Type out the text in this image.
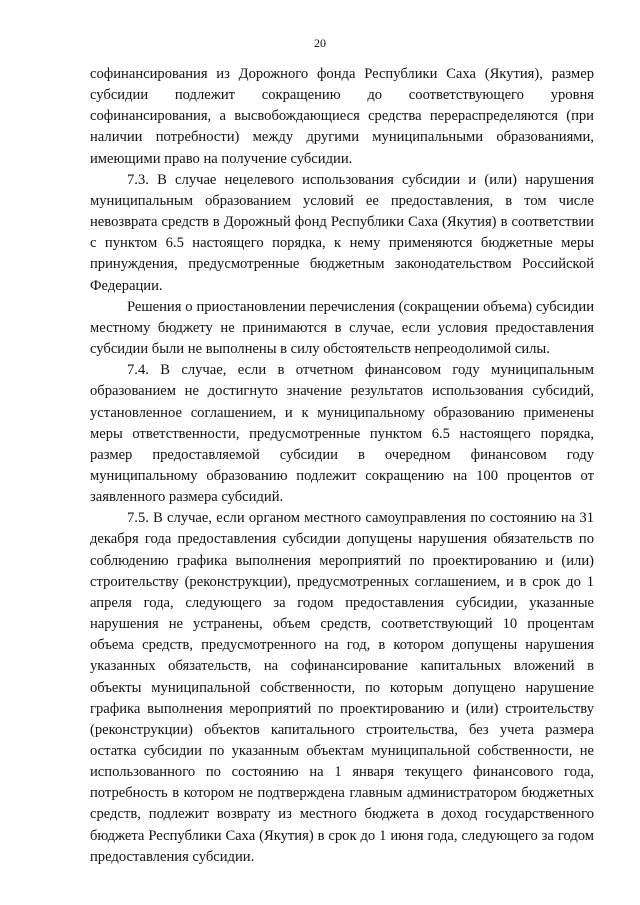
20

софинансирования из Дорожного фонда Республики Саха (Якутия), размер субсидии подлежит сокращению до соответствующего уровня софинансирования, а высвобождающиеся средства перераспределяются (при наличии потребности) между другими муниципальными образованиями, имеющими право на получение субсидии.

7.3. В случае нецелевого использования субсидии и (или) нарушения муниципальным образованием условий ее предоставления, в том числе невозврата средств в Дорожный фонд Республики Саха (Якутия) в соответствии с пунктом 6.5 настоящего порядка, к нему применяются бюджетные меры принуждения, предусмотренные бюджетным законодательством Российской Федерации.

Решения о приостановлении перечисления (сокращении объема) субсидии местному бюджету не принимаются в случае, если условия предоставления субсидии были не выполнены в силу обстоятельств непреодолимой силы.

7.4. В случае, если в отчетном финансовом году муниципальным образованием не достигнуто значение результатов использования субсидий, установленное соглашением, и к муниципальному образованию применены меры ответственности, предусмотренные пунктом 6.5 настоящего порядка, размер предоставляемой субсидии в очередном финансовом году муниципальному образованию подлежит сокращению на 100 процентов от заявленного размера субсидий.

7.5. В случае, если органом местного самоуправления по состоянию на 31 декабря года предоставления субсидии допущены нарушения обязательств по соблюдению графика выполнения мероприятий по проектированию и (или) строительству (реконструкции), предусмотренных соглашением, и в срок до 1 апреля года, следующего за годом предоставления субсидии, указанные нарушения не устранены, объем средств, соответствующий 10 процентам объема средств, предусмотренного на год, в котором допущены нарушения указанных обязательств, на софинансирование капитальных вложений в объекты муниципальной собственности, по которым допущено нарушение графика выполнения мероприятий по проектированию и (или) строительству (реконструкции) объектов капитального строительства, без учета размера остатка субсидии по указанным объектам муниципальной собственности, не использованного по состоянию на 1 января текущего финансового года, потребность в котором не подтверждена главным администратором бюджетных средств, подлежит возврату из местного бюджета в доход государственного бюджета Республики Саха (Якутия) в срок до 1 июня года, следующего за годом предоставления субсидии.
